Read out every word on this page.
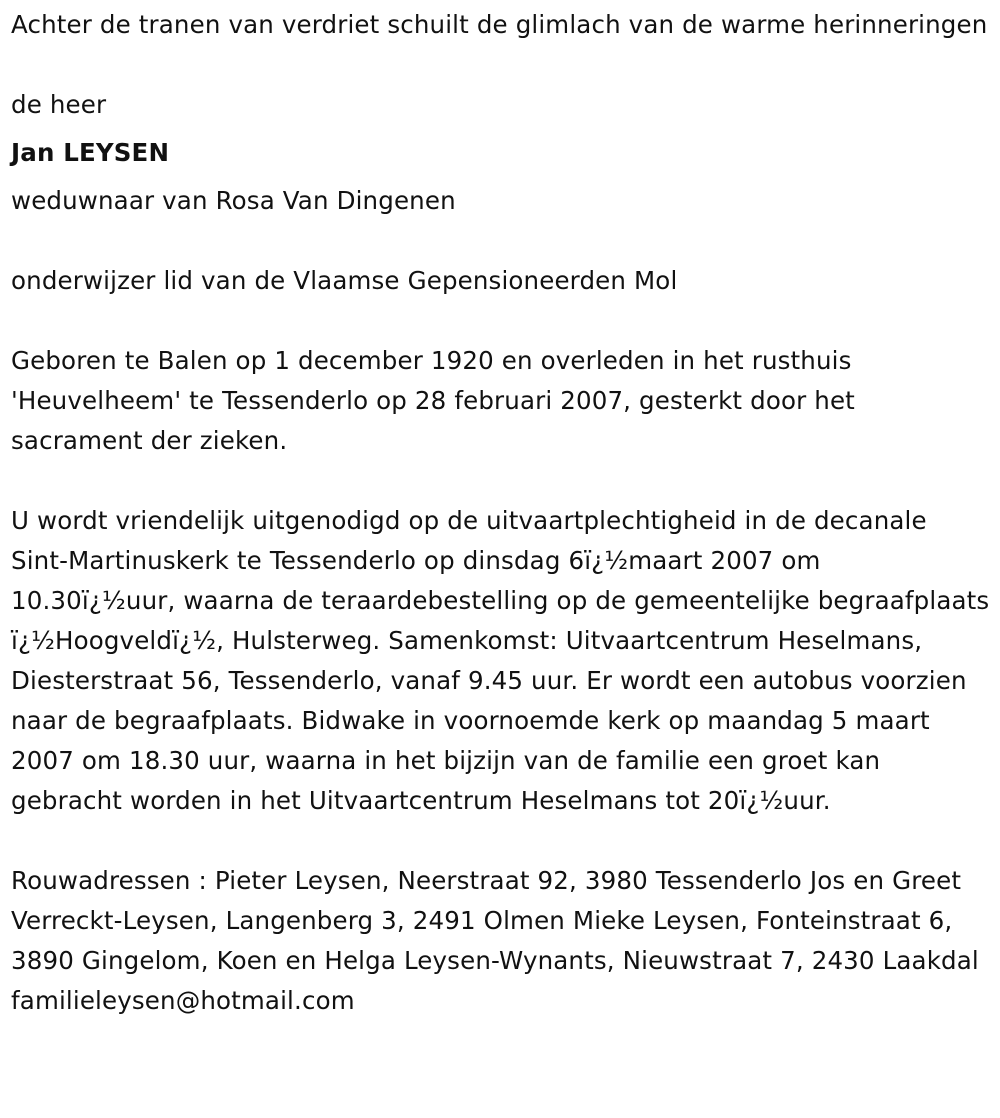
Achter de tranen van verdriet schuilt de glimlach van de warme herinneringen

de heer

Jan LEYSEN

weduwnaar van Rosa Van Dingenen

onderwijzer lid van de Vlaamse Gepensioneerden Mol

Geboren te Balen op 1 december 1920 en overleden in het rusthuis 'Heuvelheem' te Tessenderlo op 28 februari 2007, gesterkt door het sacrament der zieken.

U wordt vriendelijk uitgenodigd op de uitvaartplechtigheid in de decanale Sint-Martinuskerk te Tessenderlo op dinsdag 6ï¿½maart 2007 om 10.30ï¿½uur, waarna de teraardebestelling op de gemeentelijke begraafplaats ï¿½Hoogveldï¿½, Hulsterweg. Samenkomst: Uitvaartcentrum Heselmans, Diesterstraat 56, Tessenderlo, vanaf 9.45 uur. Er wordt een autobus voorzien naar de begraafplaats. Bidwake in voornoemde kerk op maandag 5 maart 2007 om 18.30 uur, waarna in het bijzijn van de familie een groet kan gebracht worden in het Uitvaartcentrum Heselmans tot 20ï¿½uur.

Rouwadressen : Pieter Leysen, Neerstraat 92, 3980 Tessenderlo Jos en Greet Verreckt-Leysen, Langenberg 3, 2491 Olmen Mieke Leysen, Fonteinstraat 6, 3890 Gingelom, Koen en Helga Leysen-Wynants, Nieuwstraat 7, 2430 Laakdal familieleysen@hotmail.com
